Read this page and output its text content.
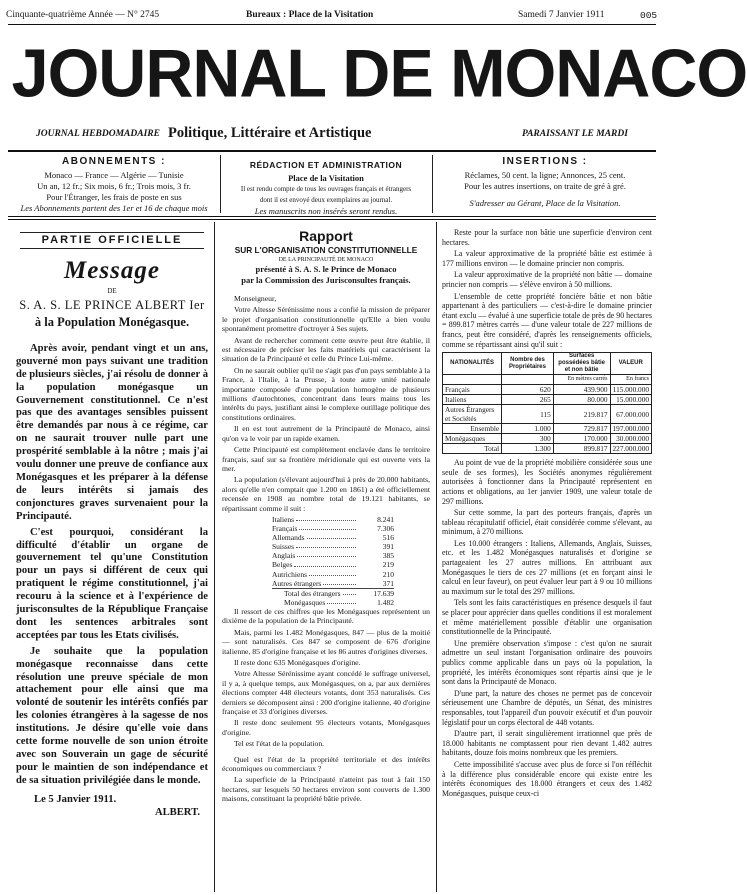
Cinquante-quatrième Année — N° 2745	Bureaux : Place de la Visitation	Samedi 7 Janvier 1911	005
JOURNAL DE MONACO
JOURNAL HEBDOMADAIRE Politique, Littéraire et Artistique	PARAISSANT LE MARDI
ABONNEMENTS :
Monaco — France — Algérie — Tunisie
Un an, 12 fr.; Six mois, 6 fr.; Trois mois, 3 fr.
Pour l'Étranger, les frais de poste en sus
Les Abonnements partent des 1er et 16 de chaque mois
RÉDACTION ET ADMINISTRATION
Place de la Visitation
Il est rendu compte de tous les ouvrages français et étrangers
dont il est envoyé deux exemplaires au journal.
Les manuscrits non insérés seront rendus.
INSERTIONS :
Réclames, 50 cent. la ligne; Annonces, 25 cent.
Pour les autres insertions, on traite de gré à gré.
S'adresser au Gérant, Place de la Visitation.
PARTIE OFFICIELLE
Message
DE
S. A. S. LE PRINCE ALBERT Ier
à la Population Monégasque.

Après avoir, pendant vingt et un ans, gouverné mon pays suivant une tradition de plusieurs siècles, j'ai résolu de donner à la population monégasque un Gouvernement constitutionnel. Ce n'est pas que des avantages sensibles puissent être demandés par nous à ce régime, car on ne saurait trouver nulle part une prospérité semblable à la nôtre ; mais j'ai voulu donner une preuve de confiance aux Monégasques et les préparer à la défense de leurs intérêts si jamais des conjonctures graves survenaient pour la Principauté.

C'est pourquoi, considérant la difficulté d'établir un organe de gouvernement tel qu'une Constitution pour un pays si différent de ceux qui pratiquent le régime constitutionnel, j'ai recouru à la science et à l'expérience de jurisconsultes de la République Française dont les sentences arbitrales sont acceptées par tous les Etats civilisés.

Je souhaite que la population monégasque reconnaisse dans cette résolution une preuve spéciale de mon attachement pour elle ainsi que ma volonté de soutenir les intérêts confiés par les colonies étrangères à la sagesse de nos institutions. Je désire qu'elle voie dans cette forme nouvelle de son union étroite avec son Souverain un gage de sécurité pour le maintien de son indépendance et de sa situation privilégiée dans le monde.

Le 5 Janvier 1911.
ALBERT.
Rapport
SUR L'ORGANISATION CONSTITUTIONNELLE
DE LA PRINCIPAUTÉ DE MONACO
présenté à S. A. S. le Prince de Monaco
par la Commission des Jurisconsultes français.

Monseigneur,

Votre Altesse Sérénissime nous a confié la mission de préparer le projet d'organisation constitutionnelle qu'Elle a bien voulu spontanément promettre d'octroyer à Ses sujets.

Avant de rechercher comment cette œuvre peut être établie, il est nécessaire de préciser les faits matériels qui caractérisent la situation de la Principauté et celle du Prince Lui-même.

On ne saurait oublier qu'il ne s'agit pas d'un pays semblable à la France, à l'Italie, à la Prusse, à toute autre unité nationale importante composée d'une population homogène de plusieurs millions d'autochtones, concentrant dans leurs mains tous les intérêts du pays, justifiant ainsi le complexe outillage politique des constitutions ordinaires.

Il en est tout autrement de la Principauté de Monaco, ainsi qu'on va le voir par un rapide examen.

Cette Principauté est complètement enclavée dans le territoire français, sauf sur sa frontière méridionale qui est ouverte vers la mer.

La population (s'élevant aujourd'hui à près de 20.000 habitants, alors qu'elle n'en comptait que 1.200 en 1861) a été officiellement recensée en 1908 au nombre total de 19.121 habitants, se répartissant comme il suit :

Italiens	8.241
Français	7.306
Allemands	516
Suisses	391
Anglais	385
Belges	219
Autrichiens	210
Autres étrangers	371
Total des étrangers	17.639
Monégasques	1.482

Il ressort de ces chiffres que les Monégasques représentent un dixième de la population de la Principauté.

Mais, parmi les 1.482 Monégasques, 847 — plus de la moitié — sont naturalisés. Ces 847 se composent de 676 d'origine italienne, 85 d'origine française et les 86 autres d'origines diverses.

Il reste donc 635 Monégasques d'origine.

Votre Altesse Sérénissime ayant concédé le suffrage universel, il y a, à quelque temps, aux Monégasques, on a, par aux dernières élections compter 448 électeurs votants, dont 353 naturalisés. Ces derniers se décomposent ainsi : 200 d'origine italienne, 40 d'origine française et 33 d'origines diverses.

Il reste donc seulement 95 électeurs votants, Monégasques d'origine.

Tel est l'état de la population.

Quel est l'état de la propriété territoriale et des intérêts économiques ou commerciaux ?

La superficie de la Principauté n'atteint pas tout à fait 150 hectares, sur lesquels 50 hectares environ sont couverts de 1.300 maisons, constituant la propriété bâtie privée.

Reste pour la surface non bâtie une superficie d'environ cent hectares.

La valeur approximative de la propriété bâtie est estimée à 177 millions environ — le domaine princier non compris.

La valeur approximative de la propriété non bâtie — domaine princier non compris — s'élève environ à 50 millions.

L'ensemble de cette propriété foncière bâtie et non bâtie appartenant à des particuliers — c'est-à-dire le domaine princier étant exclu — évalué à une superficie totale de près de 90 hectares = 899.817 mètres carrés — d'une valeur totale de 227 millions de francs, peut être considéré, d'après les renseignements officiels, comme se répartissant ainsi qu'il suit :

NATIONALITÉS	Nombre des Propriétaires	Surfaces possédées bâtie et non bâtie	VALEUR
		En mètres carrés	En francs
Français	620	439.900	115.000.000
Italiens	265	80.000	15.000.000
Autres Étrangers et Sociétés	115	219.817	67.000.000
Ensemble	1.000	729.817	197.000.000
Monégasques	300	170.000	30.000.000
Total	1.300	899.817	227.000.000

Au point de vue de la propriété mobilière considérée sous une seule de ses formes), les Sociétés anonymes régulièrement autorisées à fonctionner dans la Principauté représentent en actions et obligations, au 1er janvier 1909, une valeur totale de 297 millions.

Sur cette somme, la part des porteurs français, d'après un tableau récapitulatif officiel, était considérée comme s'élevant, au minimum, à 270 millions.

Les 10.000 étrangers : Italiens, Allemands, Anglais, Suisses, etc. et les 1.482 Monégasques naturalisés et d'origine se partageaient les 27 autres millions. En attribuant aux Monégasques le tiers de ces 27 millions (et en forçant ainsi le calcul en leur faveur), on peut évaluer leur part à 9 ou 10 millions au maximum sur le total des 297 millions.

Tels sont les faits caractéristiques en présence desquels il faut se placer pour apprécier dans quelles conditions il est moralement et même matériellement possible d'établir une organisation constitutionnelle de la Principauté.

Une première observation s'impose : c'est qu'on ne saurait admettre un seul instant l'organisation ordinaire des pouvoirs publics comme applicable dans un pays où la population, la propriété, les intérêts économiques sont répartis ainsi que je le sont dans la Principauté de Monaco.

D'une part, la nature des choses ne permet pas de concevoir sérieusement une Chambre de députés, un Sénat, des ministres responsables, tout l'appareil d'un pouvoir exécutif et d'un pouvoir législatif pour un corps électoral de 448 votants.

D'autre part, il serait singulièrement irrationnel que près de 18.000 habitants ne comptassent pour rien devant 1.482 autres habitants, douze fois moins nombreux que les premiers.

Cette impossibilité s'accuse avec plus de force si l'on réfléchit à la différence plus considérable encore qui existe entre les intérêts économiques des 18.000 étrangers et ceux des 1.482 Monégasques, puisque ceux-ci
